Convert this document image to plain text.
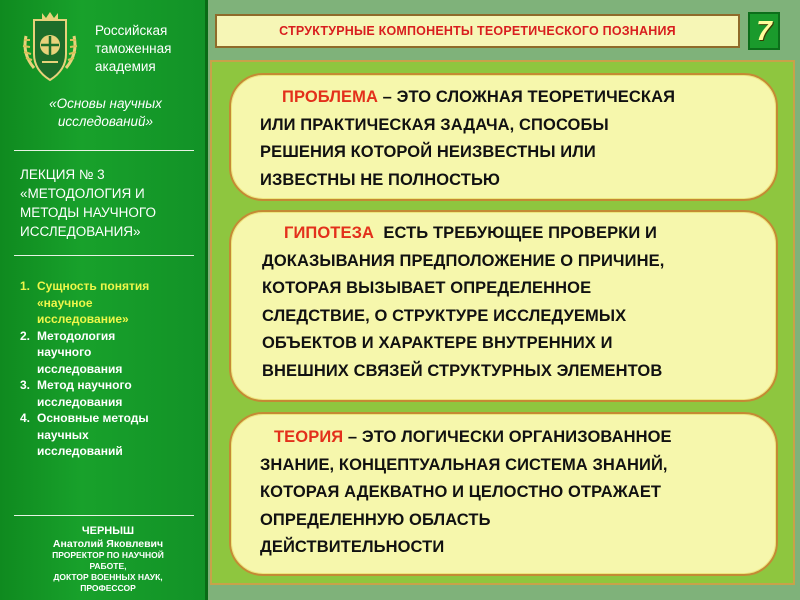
Российская
таможенная
академия
«Основы научных
исследований»
ЛЕКЦИЯ № 3
«МЕТОДОЛОГИЯ И
МЕТОДЫ НАУЧНОГО
ИССЛЕДОВАНИЯ»
1. Сущность понятия
«научное
исследование»
2. Методология
научного
исследования
3. Метод научного
исследования
4. Основные методы
научных
исследований
ЧЕРНЫШ
Анатолий Яковлевич
ПРОРЕКТОР ПО НАУЧНОЙ
РАБОТЕ,
ДОКТОР ВОЕННЫХ НАУК,
ПРОФЕССОР
СТРУКТУРНЫЕ КОМПОНЕНТЫ ТЕОРЕТИЧЕСКОГО ПОЗНАНИЯ	7
ПРОБЛЕМА – ЭТО СЛОЖНАЯ ТЕОРЕТИЧЕСКАЯ
ИЛИ ПРАКТИЧЕСКАЯ ЗАДАЧА, СПОСОБЫ
РЕШЕНИЯ КОТОРОЙ НЕИЗВЕСТНЫ ИЛИ
ИЗВЕСТНЫ НЕ ПОЛНОСТЬЮ
ГИПОТЕЗА  ЕСТЬ ТРЕБУЮЩЕЕ ПРОВЕРКИ И
ДОКАЗЫВАНИЯ ПРЕДПОЛОЖЕНИЕ О ПРИЧИНЕ,
КОТОРАЯ ВЫЗЫВАЕТ ОПРЕДЕЛЕННОЕ
СЛЕДСТВИЕ, О СТРУКТУРЕ ИССЛЕДУЕМЫХ
ОБЪЕКТОВ И ХАРАКТЕРЕ ВНУТРЕННИХ И
ВНЕШНИХ СВЯЗЕЙ СТРУКТУРНЫХ ЭЛЕМЕНТОВ
ТЕОРИЯ – ЭТО ЛОГИЧЕСКИ ОРГАНИЗОВАННОЕ
ЗНАНИЕ, КОНЦЕПТУАЛЬНАЯ СИСТЕМА ЗНАНИЙ,
КОТОРАЯ АДЕКВАТНО И ЦЕЛОСТНО ОТРАЖАЕТ
ОПРЕДЕЛЕННУЮ ОБЛАСТЬ
ДЕЙСТВИТЕЛЬНОСТИ
